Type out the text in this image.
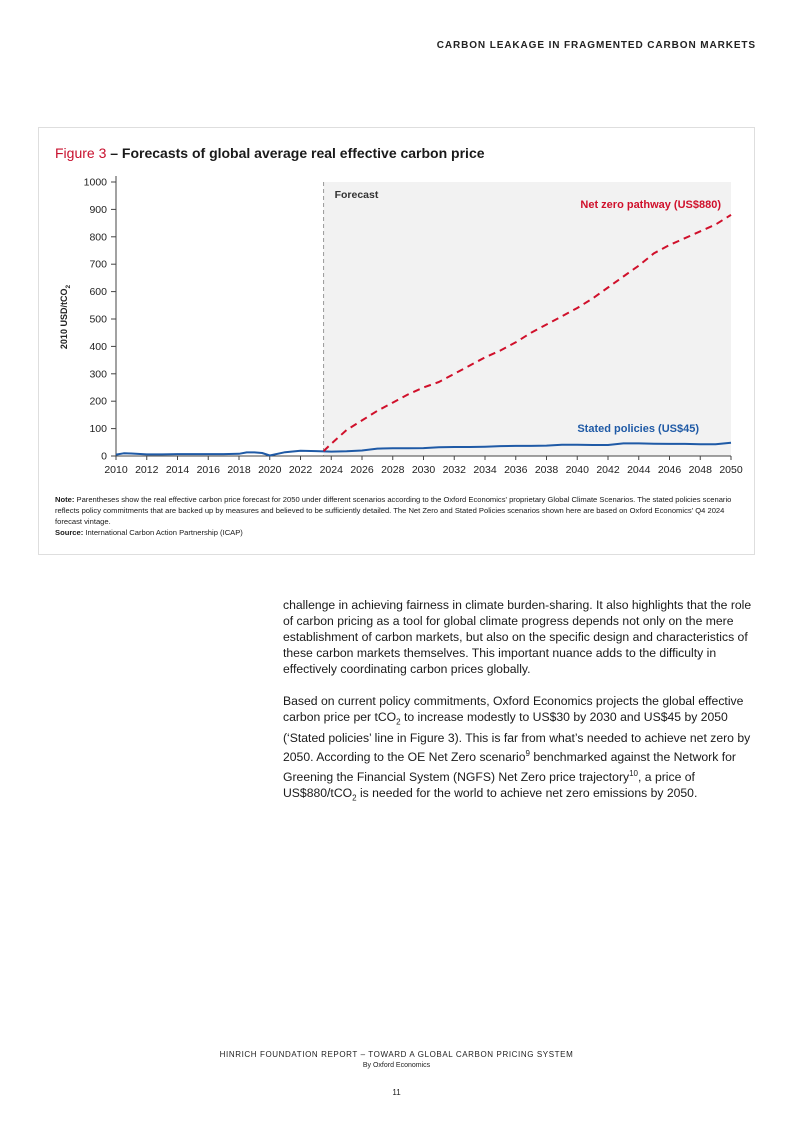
CARBON LEAKAGE IN FRAGMENTED CARBON MARKETS
Figure 3 – Forecasts of global average real effective carbon price
0
100
200
300
400
500
600
700
800
900
1000
2010 2012 2014 2016 2018 2020 2022 2024 2026 2028 2030 2032 2034 2036 2038 2040 2042 2044 2046 2048 2050
2010 USD/tCO$_2$
Forecast
Stated policies (US$45)
Net zero pathway (US$880)
Note: Parentheses show the real effective carbon price forecast for 2050 under different scenarios according to the Oxford Economics' proprietary Global Climate Scenarios. The stated policies scenario reflects policy commitments that are backed up by measures and believed to be sufficiently detailed. The Net Zero and Stated Policies scenarios shown here are based on Oxford Economics' Q4 2024 forecast vintage.
Source: International Carbon Action Partnership (ICAP)

challenge in achieving fairness in climate burden-sharing. It also highlights that the role of carbon pricing as a tool for global climate progress depends not only on the mere establishment of carbon markets, but also on the specific design and characteristics of these carbon markets themselves. This important nuance adds to the difficulty in effectively coordinating carbon prices globally.

Based on current policy commitments, Oxford Economics projects the global effective carbon price per tCO$_2$ to increase modestly to US$30 by 2030 and US$45 by 2050 (‘Stated policies’ line in Figure 3). This is far from what’s needed to achieve net zero by 2050. According to the OE Net Zero scenario$^9$ benchmarked against the Network for Greening the Financial System (NGFS) Net Zero price trajectory$^{10}$, a price of US$880/tCO$_2$ is needed for the world to achieve net zero emissions by 2050.

HINRICH FOUNDATION REPORT – TOWARD A GLOBAL CARBON PRICING SYSTEM
By Oxford Economics
11
